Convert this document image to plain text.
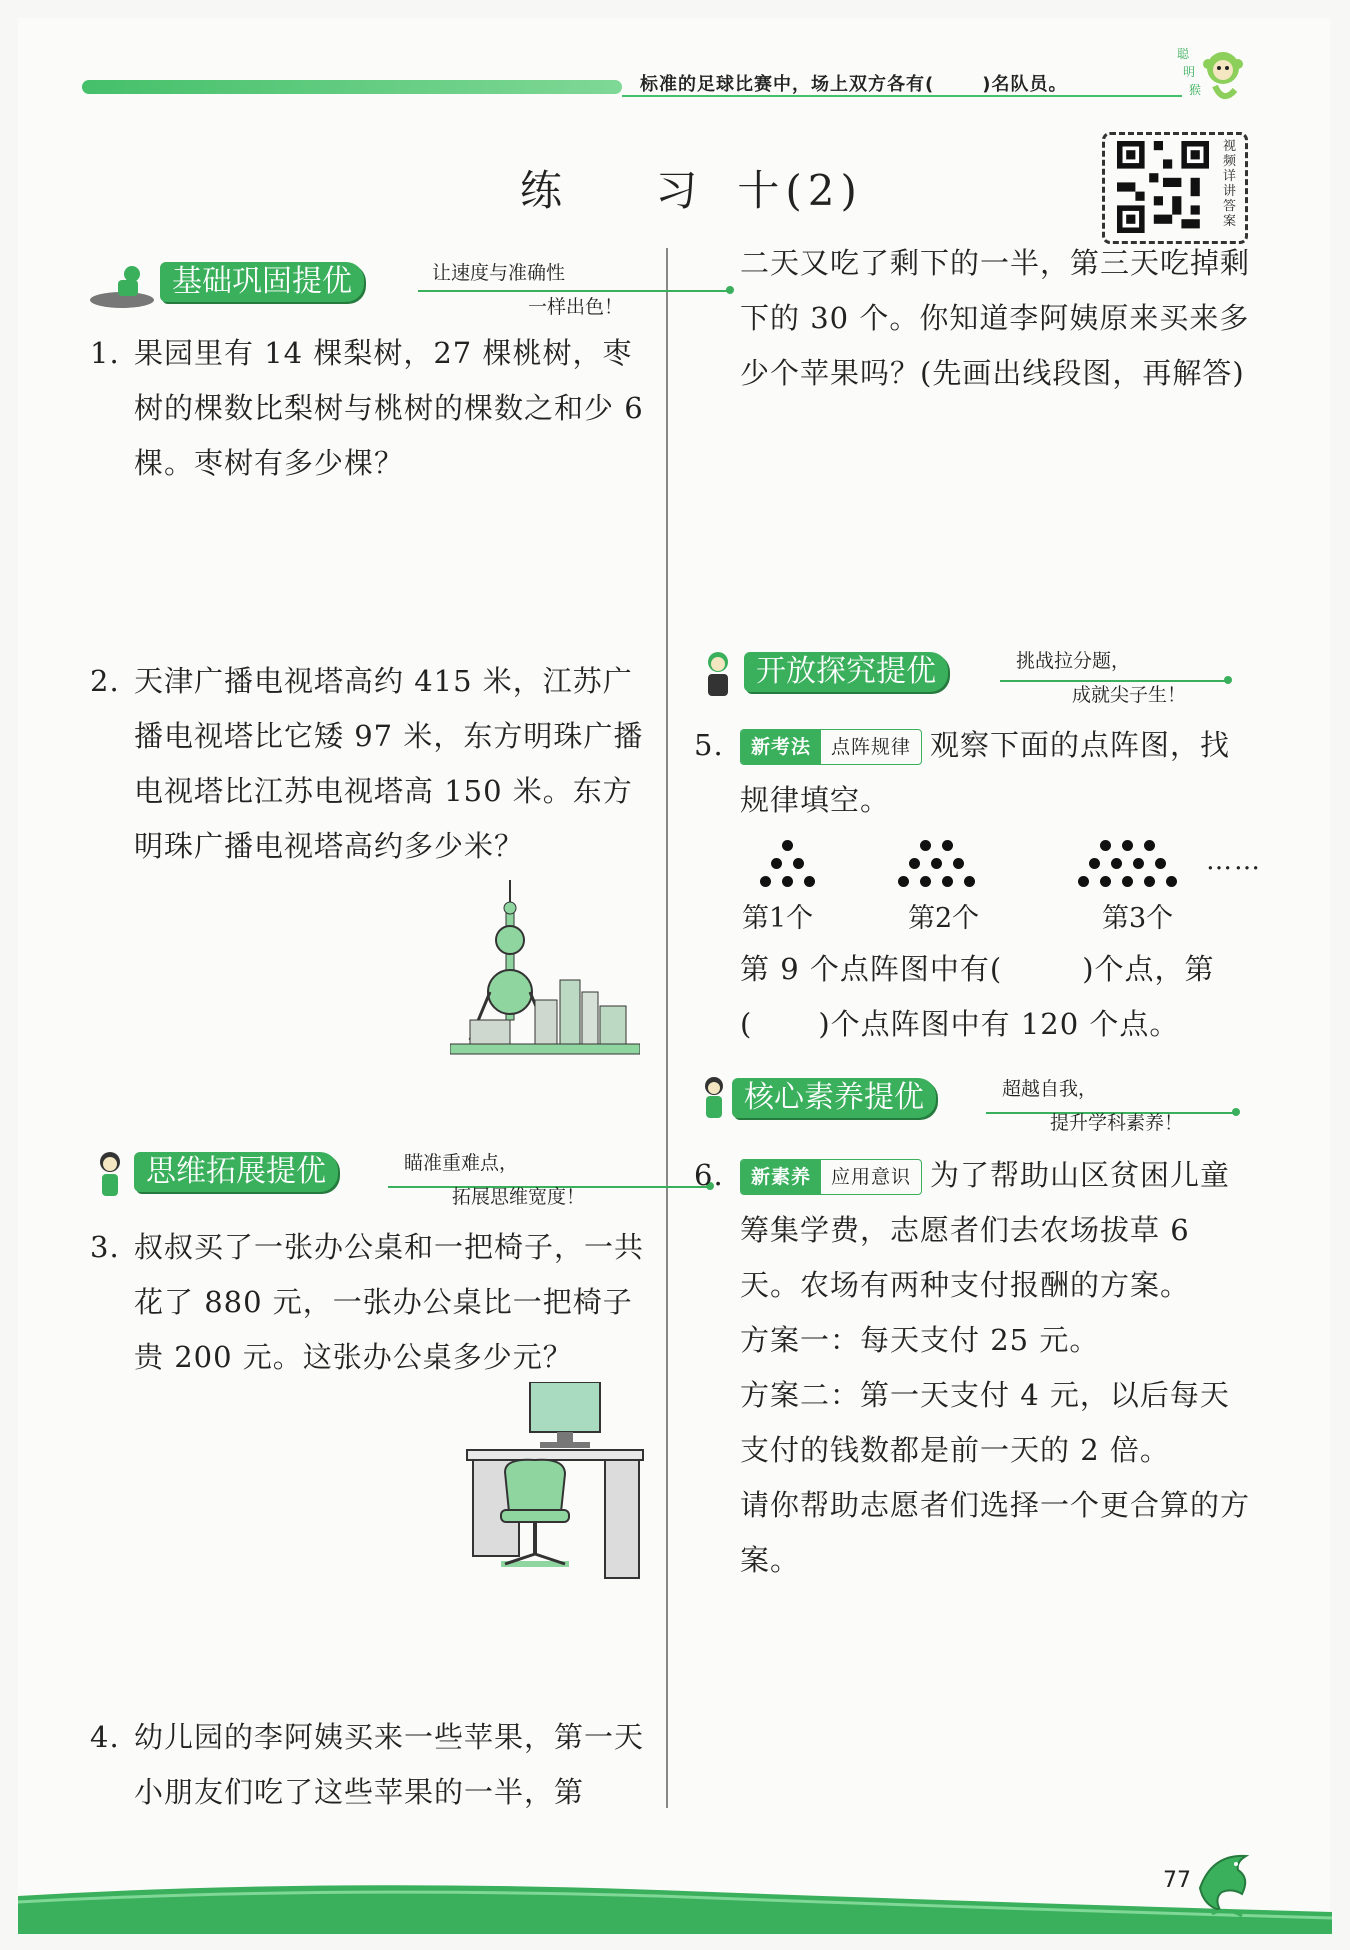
标准的足球比赛中，场上双方各有(	)名队员。
聪
明
猴
练 习十(2)
视频详讲答案
基础巩固提优	让速度与准确性
一样出色！
1. 果园里有 14 棵梨树，27 棵桃树，枣树的棵数比梨树与桃树的棵数之和少 6 棵。枣树有多少棵？
2. 天津广播电视塔高约 415 米，江苏广播电视塔比它矮 97 米，东方明珠广播电视塔比江苏电视塔高 150 米。东方明珠广播电视塔高约多少米？
思维拓展提优	瞄准重难点，
拓展思维宽度！
3. 叔叔买了一张办公桌和一把椅子，一共花了 880 元，一张办公桌比一把椅子贵 200 元。这张办公桌多少元？
4. 幼儿园的李阿姨买来一些苹果，第一天小朋友们吃了这些苹果的一半，第
二天又吃了剩下的一半，第三天吃掉剩下的 30 个。你知道李阿姨原来买来多少个苹果吗？(先画出线段图，再解答)
开放探究提优	挑战拉分题，
成就尖子生！
5.	新考法 点阵规律 观察下面的点阵图，找规律填空。
……
第1个	第2个	第3个
第 9 个点阵图中有(	)个点，第
( )个点阵图中有 120 个点。
核心素养提优	超越自我，
提升学科素养！
6.	新素养 应用意识 为了帮助山区贫困儿童筹集学费，志愿者们去农场拔草 6 天。农场有两种支付报酬的方案。
方案一：每天支付 25 元。
方案二：第一天支付 4 元，以后每天支付的钱数都是前一天的 2 倍。
请你帮助志愿者们选择一个更合算的方案。
77
